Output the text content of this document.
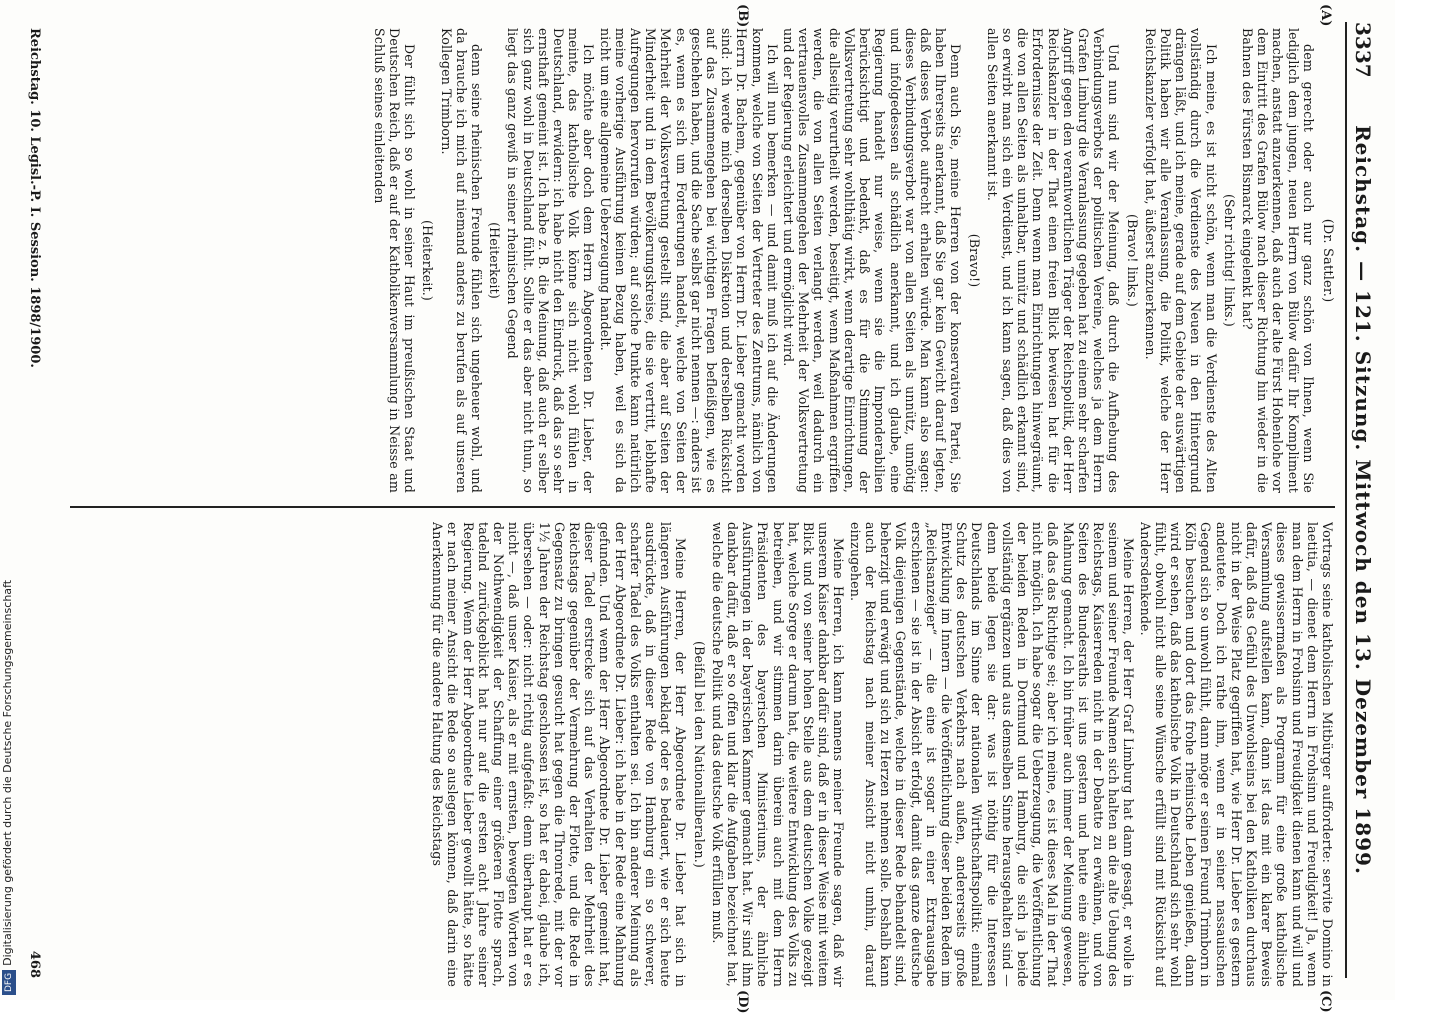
3337
Reichstag. — 121. Sitzung. Mittwoch den 13. Dezember 1899.
(A)
(B)
(C)
(D)

(Dr. Sattler.)

dem gerecht oder auch nur ganz schön von Ihnen, wenn Sie lediglich dem jungen, neuen Herrn von Bülow dafür Ihr Kompliment machen, anstatt anzuerkennen, daß auch der alte Fürst Hohenlohe vor dem Eintritt des Grafen Bülow nach dieser Richtung hin wieder in die Bahnen des Fürsten Bismarck eingelenkt hat?

(Sehr richtig! links.)

Ich meine, es ist nicht schön, wenn man die Verdienste des Alten vollständig durch die Verdienste des Neuen in den Hintergrund drängen läßt, und ich meine, gerade auf dem Gebiete der auswärtigen Politik haben wir alle Veranlassung, die Politik, welche der Herr Reichskanzler verfolgt hat, äußerst anzuerkennen.

(Bravo! links.)

Und nun sind wir der Meinung, daß durch die Aufhebung des Verbindungsverbots der politischen Vereine, welches ja dem Herrn Grafen Limburg die Veranlassung gegeben hat zu einem sehr scharfen Angriff gegen den verantwortlichen Träger der Reichspolitik, der Herr Reichskanzler in der That einen freien Blick bewiesen hat für die Erfordernisse der Zeit. Denn wenn man Einrichtungen hinwegräumt, die von allen Seiten als unhaltbar, unnütz und schädlich erkannt sind, so erwirbt man sich ein Verdienst, und ich kann sagen, daß dies von allen Seiten anerkannt ist.

(Bravo!)

Denn auch Sie, meine Herren von der konservativen Partei, Sie haben Ihrerseits anerkannt, daß Sie gar kein Gewicht darauf legten, daß dieses Verbot aufrecht erhalten würde. Man kann also sagen: dieses Verbindungsverbot war von allen Seiten als unnütz, unnötig und infolgedessen als schädlich anerkannt, und ich glaube, eine Regierung handelt nur weise, wenn sie die Imponderabilien berücksichtigt und bedenkt, daß es für die Stimmung der Volksvertretung sehr wohlthätig wirkt, wenn derartige Einrichtungen, die allseitig verurtheilt werden, beseitigt, wenn Maßnahmen ergriffen werden, die von allen Seiten verlangt werden, weil dadurch ein vertrauensvolles Zusammengehen der Mehrheit der Volksvertretung und der Regierung erleichtert und ermöglicht wird.

Ich will nun bemerken — und damit muß ich auf die Änderungen kommen, welche von Seiten der Vertreter des Zentrums, nämlich von Herrn Dr. Bachem, gegenüber von Herrn Dr. Lieber gemacht worden sind: ich werde mich derselben Diskretion und derselben Rücksicht auf das Zusammengehen bei wichtigen Fragen befleißigen, wie es geschehen haben, und die Sache selbst gar nicht nennen —: anders ist es, wenn es sich um Forderungen handelt, welche von Seiten der Mehrheit der Volksvertretung gestellt sind, die aber auf Seiten der Minderheit und in dem Bevölkerungskreise, die sie vertritt, lebhafte Aufregungen hervorrufen würden; auf solche Punkte kann natürlich meine vorherige Ausführung keinen Bezug haben, weil es sich da nicht um eine allgemeine Ueberzeugung handelt.

Ich möchte aber doch dem Herrn Abgeordneten Dr. Lieber, der meinte, das katholische Volk könne sich nicht wohl fühlen in Deutschland, erwidern: ich habe nicht den Eindruck, daß das so sehr ernsthaft gemeint ist. Ich habe z. B. die Meinung, daß auch er selber sich ganz wohl in Deutschland fühlt. Sollte er das aber nicht thun, so liegt das ganz gewiß in seiner rheinischen Gegend

(Heiterkeit)

denn seine rheinischen Freunde fühlen sich ungeheuer wohl, und da brauche ich mich auf niemand anders zu berufen als auf unseren Kollegen Trimborn.

(Heiterkeit.)

Der fühlt sich so wohl in seiner Haut im preußischen Staat und Deutschen Reich, daß er auf der Katholikenversammlung in Neisse am Schluß seines einleitenden

Vortrags seine katholischen Mitbürger aufforderte: servite Domino in laetitia, — dienet dem Herrn in Frohsinn und Freudigkeit! Ja, wenn man dem Herrn in Frohsinn und Freudigkeit dienen kann und will und dieses gewissermaßen als Programm für eine große katholische Versammlung aufstellen kann, dann ist das mit ein klarer Beweis dafür, daß das Gefühl des Unwohlseins bei den Katholiken durchaus nicht in der Weise Platz gegriffen hat, wie Herr Dr. Lieber es gestern andeutete. Doch ich rathe ihm, wenn er in seiner nassauischen Gegend sich so unwohl fühlt, dann möge er seinen Freund Trimborn in Köln besuchen und dort das frohe rheinische Leben genießen, dann wird er sehen, daß das katholische Volk in Deutschland sich sehr wohl fühlt, obwohl nicht alle seine Wünsche erfüllt sind mit Rücksicht auf Andersdenkende.

Meine Herren, der Herr Graf Limburg hat dann gesagt, er wolle in seinem und seiner Freunde Namen sich halten an die alte Uebung des Reichstags, Kaiserreden nicht in der Debatte zu erwähnen, und von Seiten des Bundesraths ist uns gestern und heute eine ähnliche Mahnung gemacht. Ich bin früher auch immer der Meinung gewesen, daß das das Richtige sei; aber ich meine, es ist dieses Mal in der That nicht möglich. Ich habe sogar die Ueberzeugung, die Veröffentlichung der beiden Reden in Dortmund und Hamburg, die sich ja beide vollständig ergänzen und aus demselben Sinne herausgehalten sind — denn beide legen sie dar: was ist nöthig für die Interessen Deutschlands im Sinne der nationalen Wirthschaftspolitik: einmal Schutz des deutschen Verkehrs nach außen, andererseits große Entwicklung im Innern — die Veröffentlichung dieser beiden Reden im „Reichsanzeiger“ — die eine ist sogar in einer Extraausgabe erschienen — sie ist in der Absicht erfolgt, damit das ganze deutsche Volk diejenigen Gegenstände, welche in dieser Rede behandelt sind, beherzigt und erwägt und sich zu Herzen nehmen solle. Deshalb kann auch der Reichstag nach meiner Ansicht nicht umhin, darauf einzugehen.

Meine Herren, ich kann namens meiner Freunde sagen, daß wir unserem Kaiser dankbar dafür sind, daß er in dieser Weise mit weitem Blick und von seiner hohen Stelle aus dem deutschen Volke gezeigt hat, welche Sorge er darum hat, die weitere Entwicklung des Volks zu betreiben, und wir stimmen darin überein auch mit dem Herrn Präsidenten des bayerischen Ministeriums, der ähnliche Ausführungen in der bayerischen Kammer gemacht hat. Wir sind ihm dankbar dafür, daß er so offen und klar die Aufgaben bezeichnet hat, welche die deutsche Politik und das deutsche Volk erfüllen muß.

(Beifall bei den Nationalliberalen.)

Meine Herren, der Herr Abgeordnete Dr. Lieber hat sich in längeren Ausführungen beklagt oder es bedauert, wie er sich heute ausdrückte, daß in dieser Rede von Hamburg ein so schwerer, scharfer Tadel des Volks enthalten sei. Ich bin anderer Meinung als der Herr Abgeordnete Dr. Lieber: ich habe in der Rede eine Mahnung gefunden. Und wenn der Herr Abgeordnete Dr. Lieber gemeint hat, dieser Tadel erstrecke sich auf das Verhalten der Mehrheit des Reichstags gegenüber der Vermehrung der Flotte, und die Rede in Gegensatz zu bringen gesucht hat gegen die Thronrede, mit der vor 1½ Jahren der Reichstag geschlossen ist, so hat er dabei, glaube ich, übersehen — oder: nicht richtig aufgefaßt: denn überhaupt hat er es nicht —, daß unser Kaiser, als er mit ernsten, bewegten Worten von der Nothwendigkeit der Schaffung einer größeren Flotte sprach, tadelnd zurückgeblickt hat nur auf die ersten acht Jahre seiner Regierung. Wenn der Herr Abgeordnete Lieber gewollt hätte, so hätte er nach meiner Ansicht die Rede so auslegen können, daß darin eine Anerkennung für die andere Haltung des Reichstags

Reichstag. 10. Legisl.-P. I. Session. 1898/1900.
468
DFGDigitalisierung gefördert durch die Deutsche Forschungsgemeinschaft
